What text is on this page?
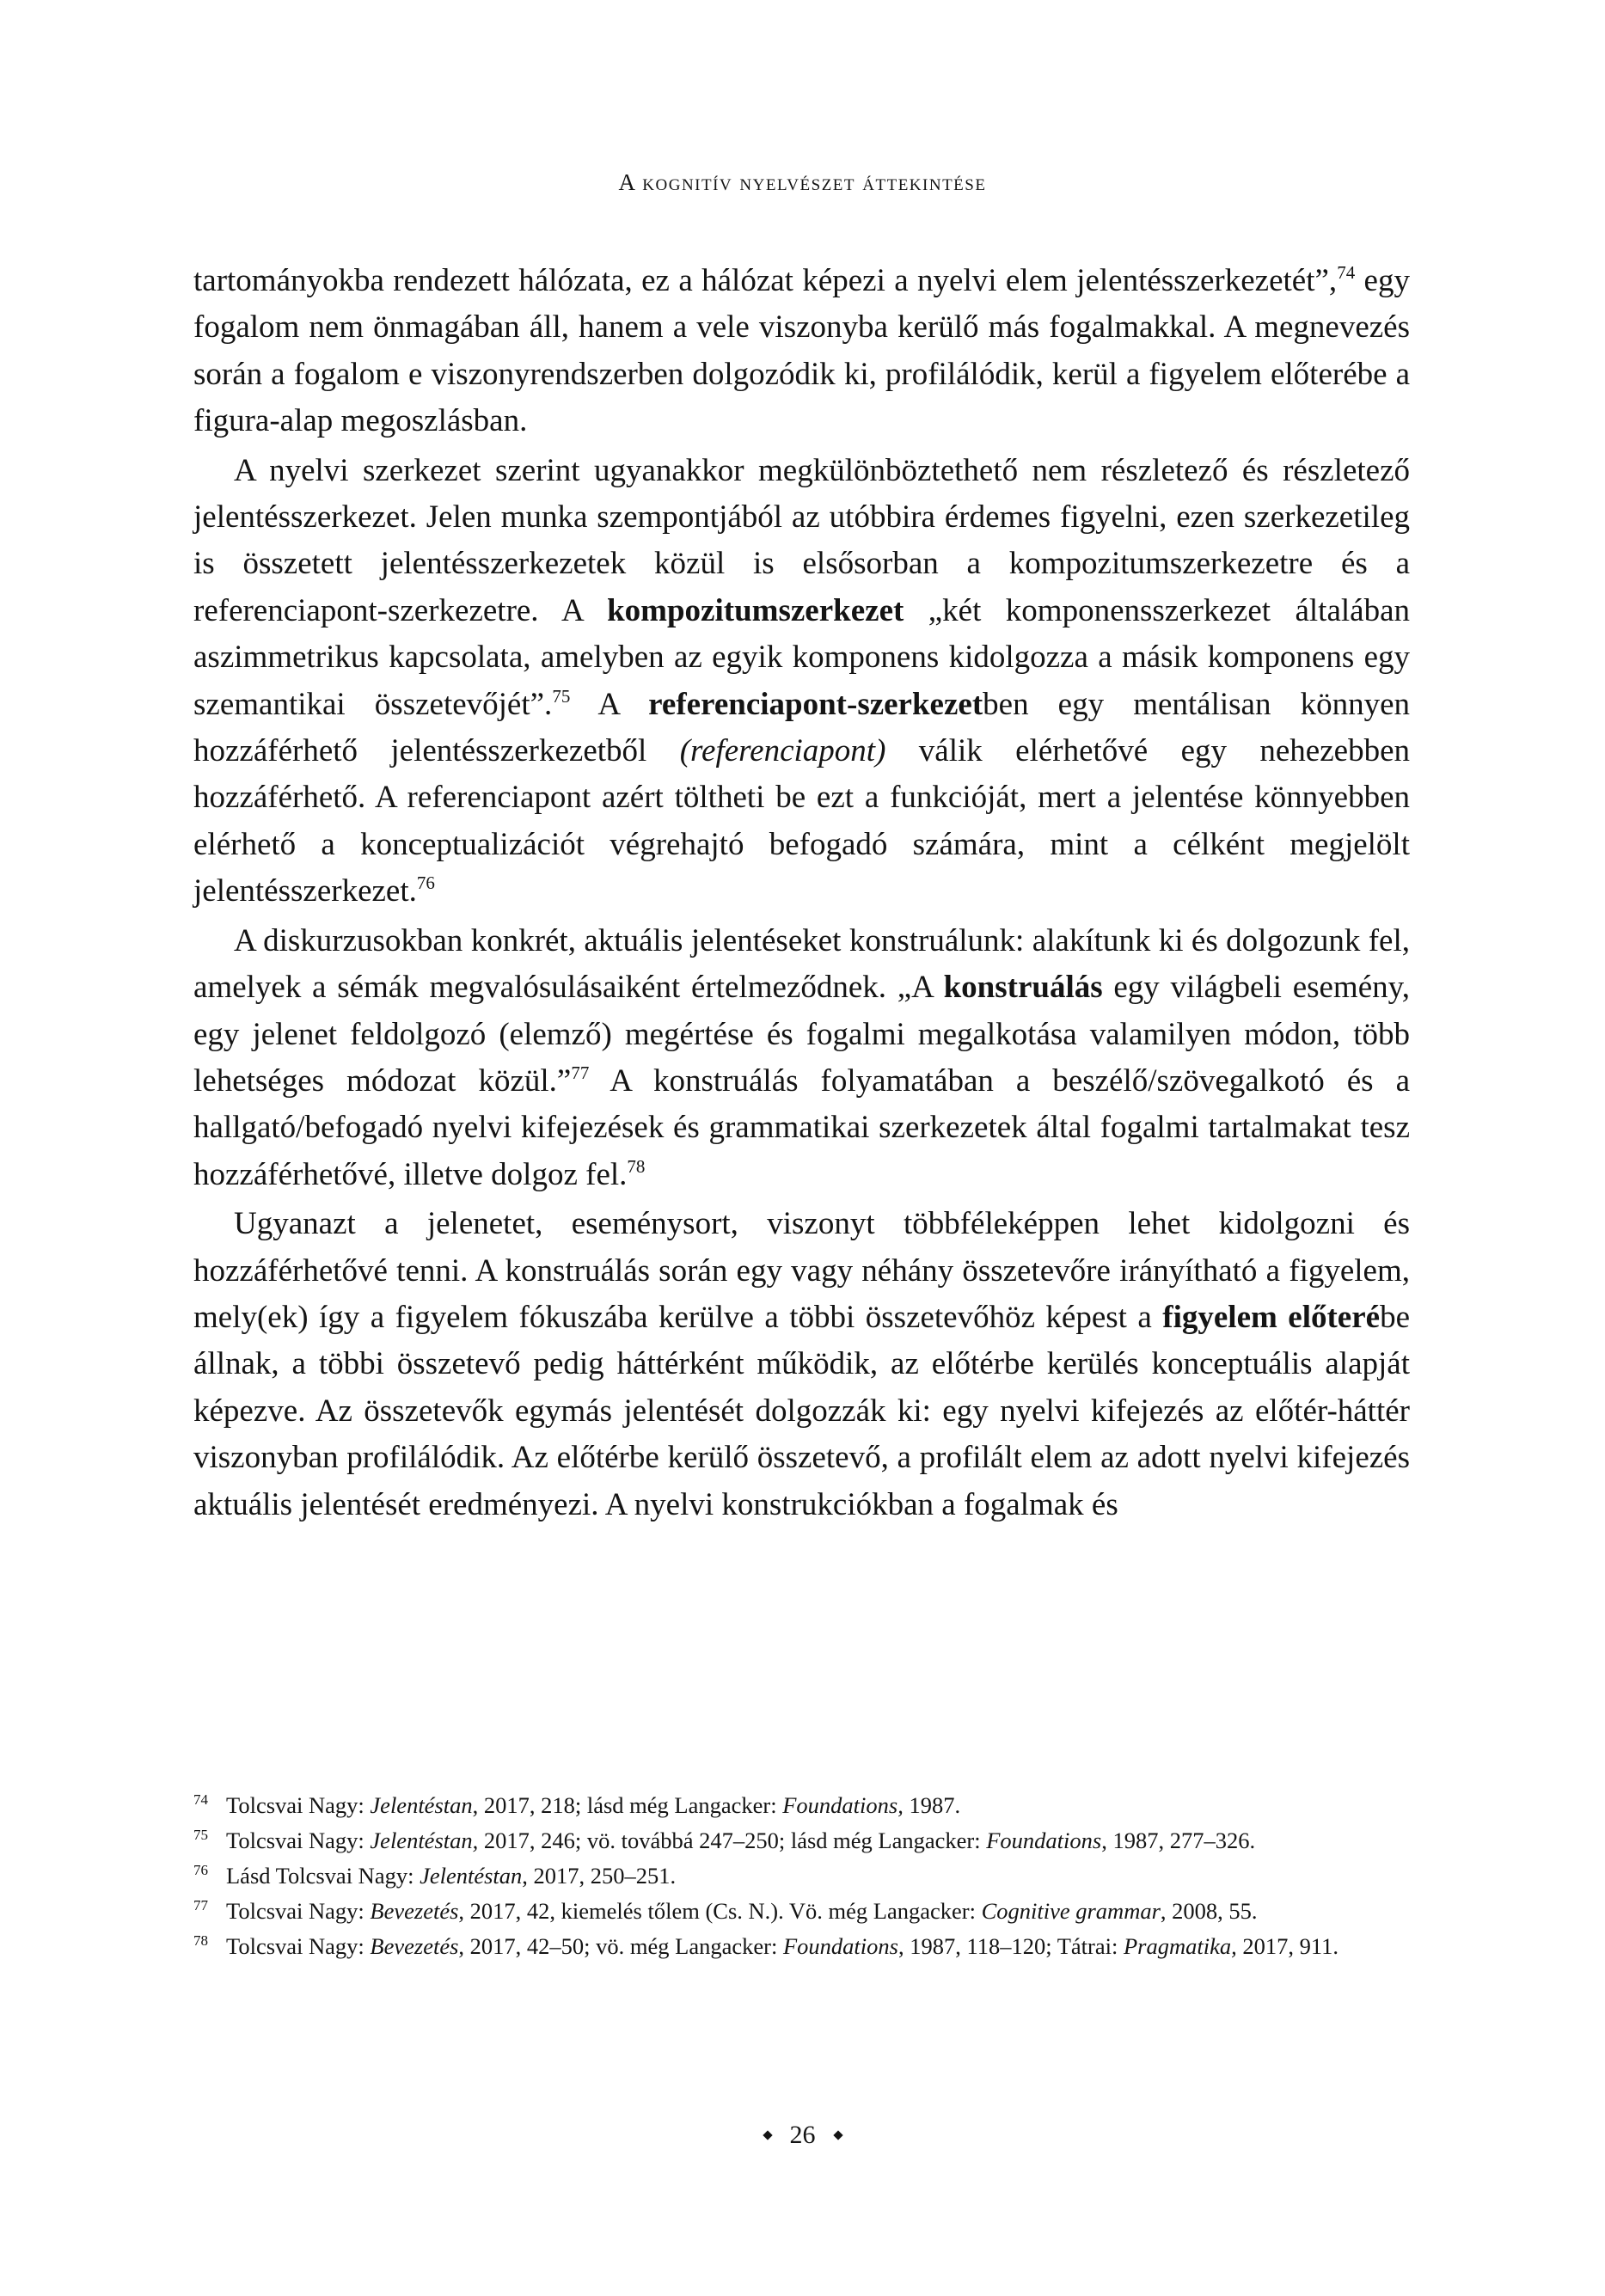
A kognitív nyelvészet áttekintése

tartományokba rendezett hálózata, ez a hálózat képezi a nyelvi elem jelentésszerkezetét”,$^{74}$ egy fogalom nem önmagában áll, hanem a vele viszonyba kerülő más fogalmakkal. A megnevezés során a fogalom e viszonyrendszerben dolgozódik ki, profilálódik, kerül a figyelem előterébe a figura-alap megoszlásban.

A nyelvi szerkezet szerint ugyanakkor megkülönböztethető nem részletező és részletező jelentésszerkezet. Jelen munka szempontjából az utóbbira érdemes figyelni, ezen szerkezetileg is összetett jelentésszerkezetek közül is elsősorban a kompozitumszerkezetre és a referenciapont-szerkezetre. A kompozitumszerkezet „két komponensszerkezet általában aszimmetrikus kapcsolata, amelyben az egyik komponens kidolgozza a másik komponens egy szemantikai összetevőjét”.$^{75}$ A referenciapont-szerkezetben egy mentálisan könnyen hozzáférhető jelentésszerkezetből (referenciapont) válik elérhetővé egy nehezebben hozzáférhető. A referenciapont azért töltheti be ezt a funkcióját, mert a jelentése könnyebben elérhető a konceptualizációt végrehajtó befogadó számára, mint a célként megjelölt jelentésszerkezet.$^{76}$

A diskurzusokban konkrét, aktuális jelentéseket konstruálunk: alakítunk ki és dolgozunk fel, amelyek a sémák megvalósulásaiként értelmeződnek. „A konstruálás egy világbeli esemény, egy jelenet feldolgozó (elemző) megértése és fogalmi megalkotása valamilyen módon, több lehetséges módozat közül.”$^{77}$ A konstruálás folyamatában a beszélő/szövegalkotó és a hallgató/befogadó nyelvi kifejezések és grammatikai szerkezetek által fogalmi tartalmakat tesz hozzáférhetővé, illetve dolgoz fel.$^{78}$

Ugyanazt a jelenetet, eseménysort, viszonyt többféleképpen lehet kidolgozni és hozzáférhetővé tenni. A konstruálás során egy vagy néhány összetevőre irányítható a figyelem, mely(ek) így a figyelem fókuszába kerülve a többi összetevőhöz képest a figyelem előterébe állnak, a többi összetevő pedig háttérként működik, az előtérbe kerülés konceptuális alapját képezve. Az összetevők egymás jelentését dolgozzák ki: egy nyelvi kifejezés az előtér-háttér viszonyban profilálódik. Az előtérbe kerülő összetevő, a profilált elem az adott nyelvi kifejezés aktuális jelentését eredményezi. A nyelvi konstrukciókban a fogalmak és

74 Tolcsvai Nagy: Jelentéstan, 2017, 218; lásd még Langacker: Foundations, 1987.
75 Tolcsvai Nagy: Jelentéstan, 2017, 246; vö. továbbá 247–250; lásd még Langacker: Foundations, 1987, 277–326.
76 Lásd Tolcsvai Nagy: Jelentéstan, 2017, 250–251.
77 Tolcsvai Nagy: Bevezetés, 2017, 42, kiemelés tőlem (Cs. N.). Vö. még Langacker: Cognitive grammar, 2008, 55.
78 Tolcsvai Nagy: Bevezetés, 2017, 42–50; vö. még Langacker: Foundations, 1987, 118–120; Tátrai: Pragmatika, 2017, 911.
26
